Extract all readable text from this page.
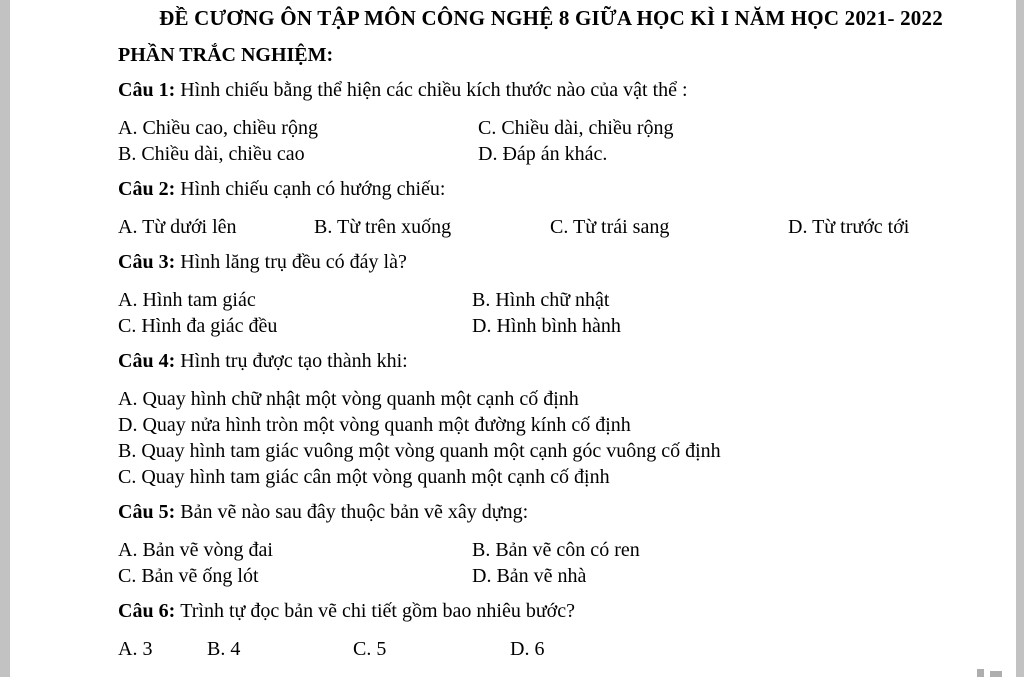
ĐỀ CƯƠNG ÔN TẬP MÔN CÔNG NGHỆ 8 GIỮA HỌC KÌ I NĂM HỌC 2021- 2022
PHẦN TRẮC NGHIỆM:

Câu 1: Hình chiếu bằng thể hiện các chiều kích thước nào của vật thể :

A. Chiều cao, chiều rộng	C. Chiều dài, chiều rộng
B. Chiều dài, chiều cao	D. Đáp án khác.

Câu 2: Hình chiếu cạnh có hướng chiếu:

A. Từ dưới lên	B. Từ trên xuống	C. Từ trái sang	D. Từ trước tới

Câu 3: Hình lăng trụ đều có đáy là?

A. Hình tam giác	B. Hình chữ nhật
C. Hình đa giác đều	D. Hình bình hành

Câu 4: Hình trụ được tạo thành khi:

A. Quay hình chữ nhật một vòng quanh một cạnh cố định
D. Quay nửa hình tròn một vòng quanh một đường kính cố định
B. Quay hình tam giác vuông một vòng quanh một cạnh góc vuông cố định
C. Quay hình tam giác cân một vòng quanh một cạnh cố định

Câu 5: Bản vẽ nào sau đây thuộc bản vẽ xây dựng:

A. Bản vẽ vòng đai	B. Bản vẽ côn có ren
C. Bản vẽ ống lót	D. Bản vẽ nhà

Câu 6: Trình tự đọc bản vẽ chi tiết gồm bao nhiêu bước?

A. 3	B. 4	C. 5	D. 6
